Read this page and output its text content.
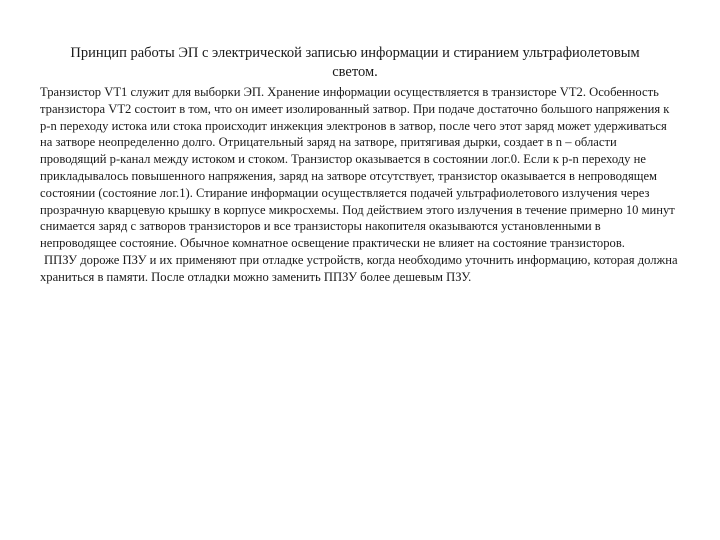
Принцип работы ЭП с электрической записью информации и стиранием ультрафиолетовым светом.

Транзистор VT1 служит для выборки ЭП. Хранение информации осуществляется в транзисторе VT2. Особенность транзистора VT2 состоит в том, что он имеет изолированный затвор. При подаче достаточно большого напряжения к p-n переходу истока или стока происходит инжекция электронов в затвор, после чего этот заряд может удерживаться на затворе неопределенно долго. Отрицательный заряд на затворе, притягивая дырки, создает в n – области проводящий p-канал между истоком и стоком. Транзистор оказывается в состоянии лог.0. Если к p-n переходу не прикладывалось повышенного напряжения, заряд на затворе отсутствует, транзистор оказывается в непроводящем состоянии (состояние лог.1). Стирание информации осуществляется подачей ультрафиолетового излучения через прозрачную кварцевую крышку в корпусе микросхемы. Под действием этого излучения в течение примерно 10 минут снимается заряд с затворов транзисторов и все транзисторы накопителя оказываются установленными в непроводящее состояние. Обычное комнатное освещение практически не влияет на состояние транзисторов.

ППЗУ дороже ПЗУ и их применяют при отладке устройств, когда необходимо уточнить информацию, которая должна храниться в памяти. После отладки можно заменить ППЗУ более дешевым ПЗУ.
